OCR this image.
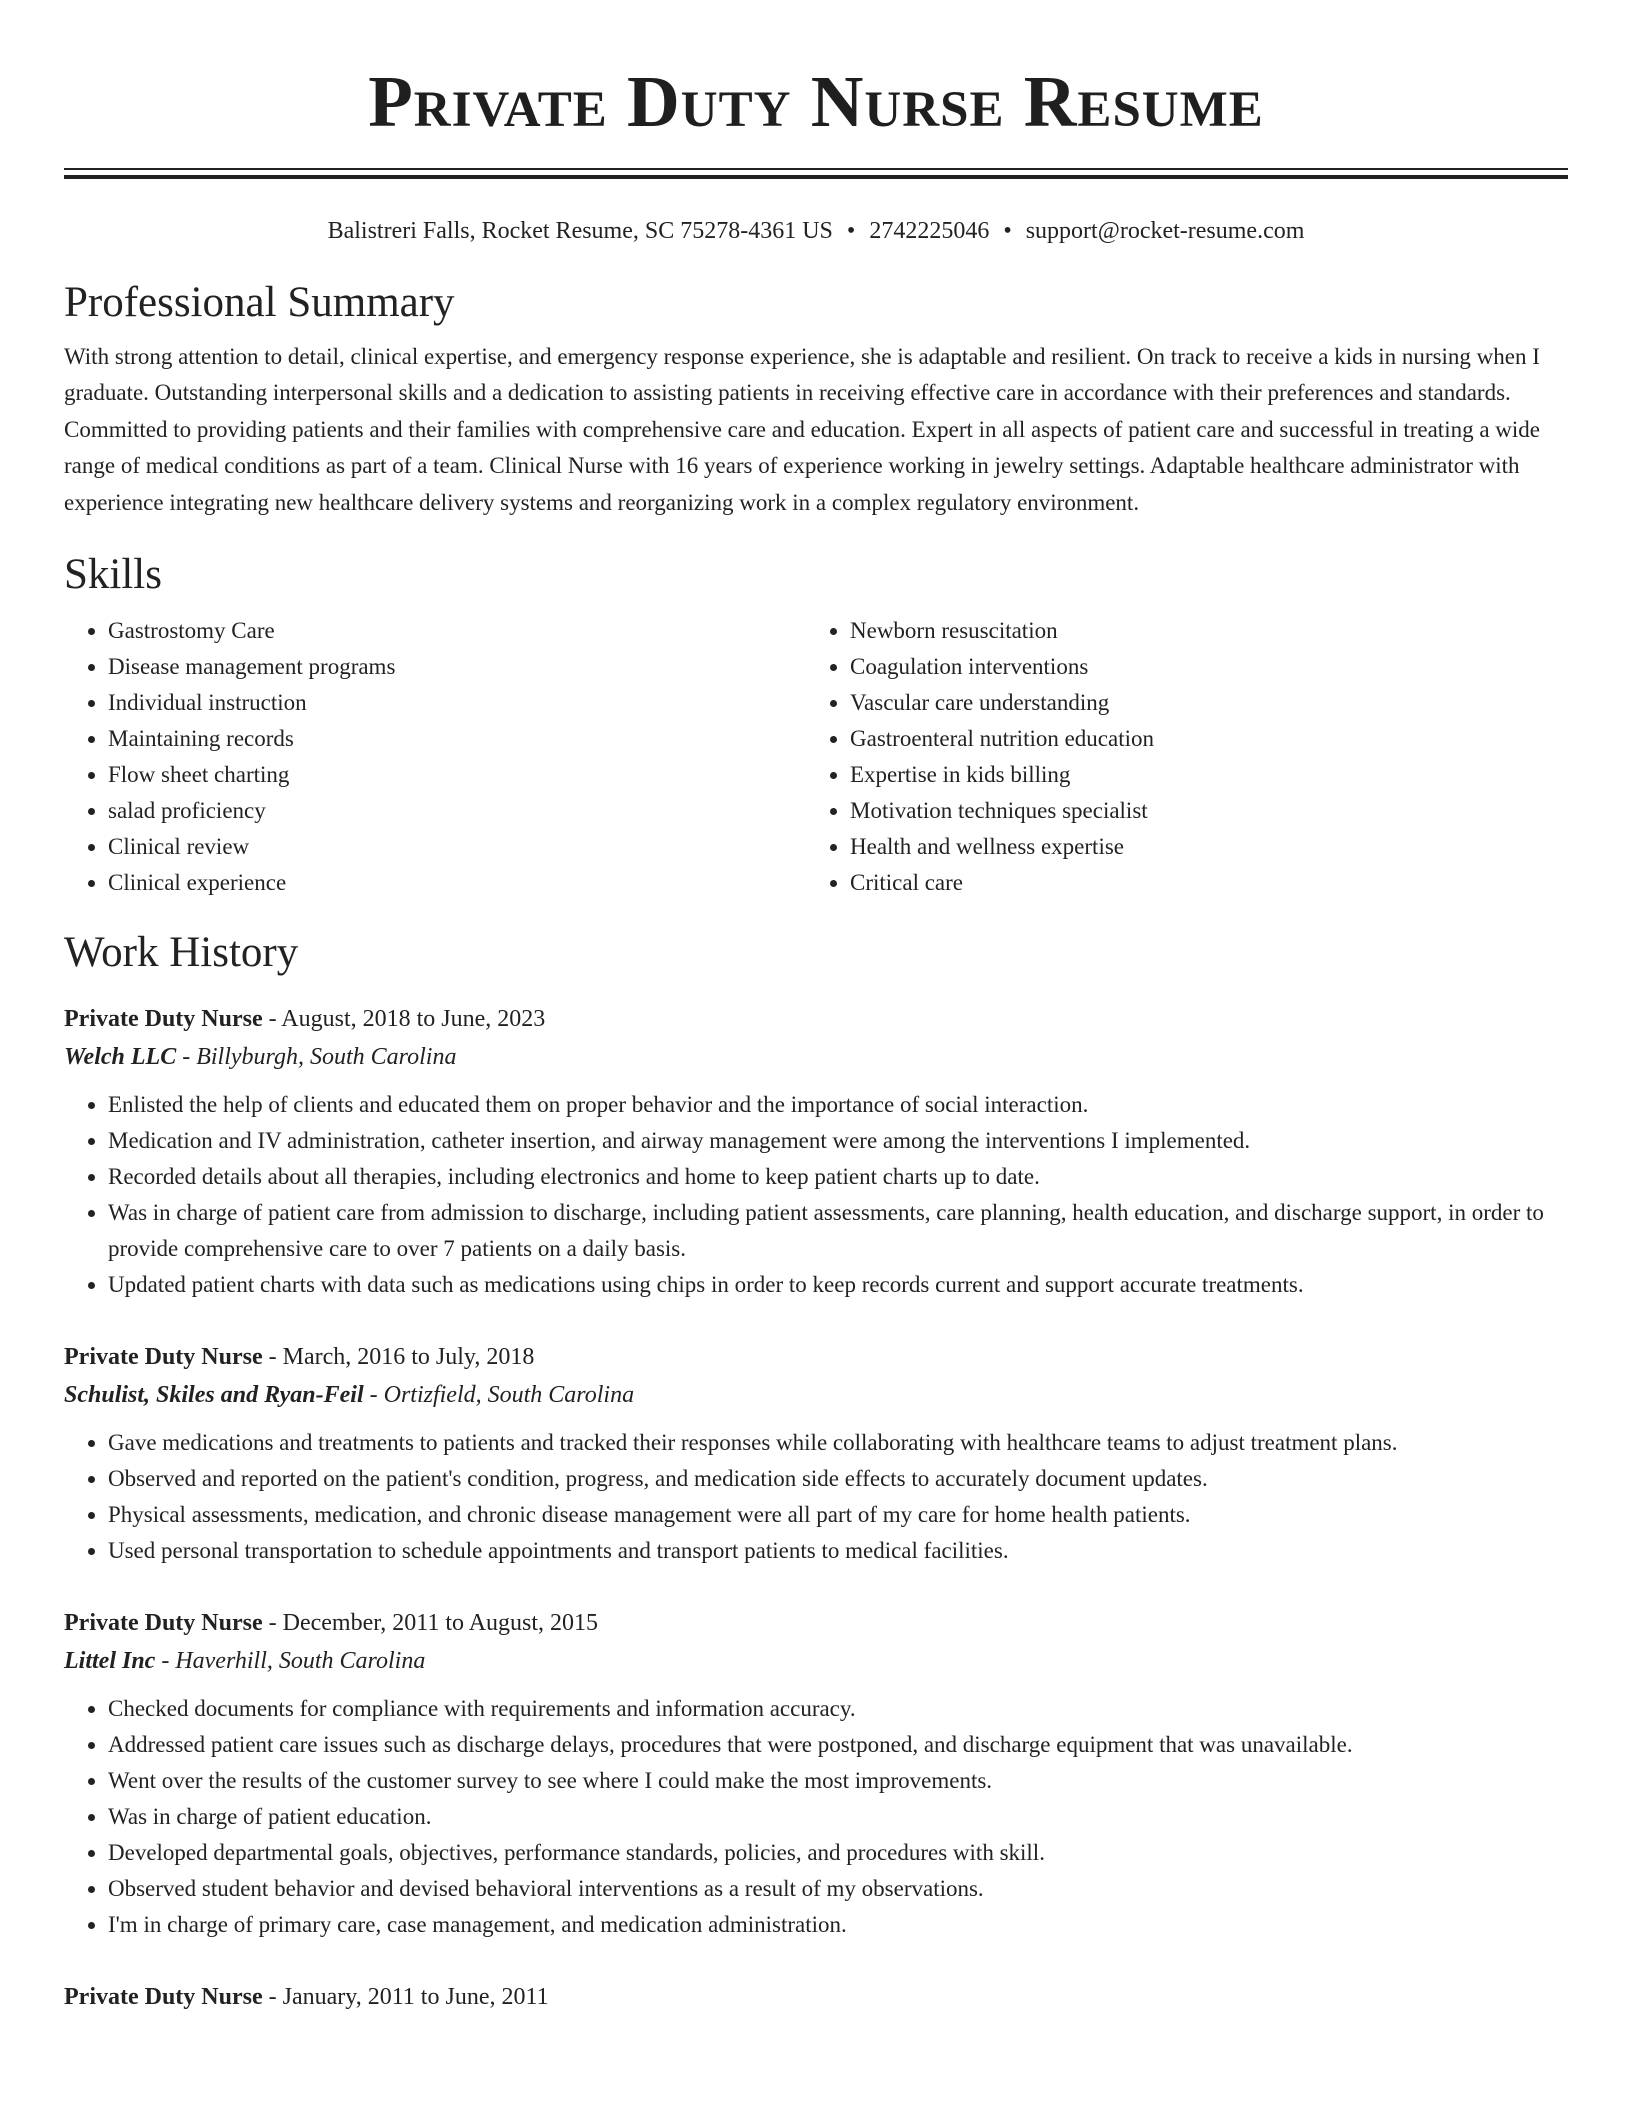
Private Duty Nurse Resume
Balistreri Falls, Rocket Resume, SC 75278-4361 US • 2742225046 • support@rocket-resume.com
Professional Summary

With strong attention to detail, clinical expertise, and emergency response experience, she is adaptable and resilient. On track to receive a kids in nursing when I graduate. Outstanding interpersonal skills and a dedication to assisting patients in receiving effective care in accordance with their preferences and standards. Committed to providing patients and their families with comprehensive care and education. Expert in all aspects of patient care and successful in treating a wide range of medical conditions as part of a team. Clinical Nurse with 16 years of experience working in jewelry settings. Adaptable healthcare administrator with experience integrating new healthcare delivery systems and reorganizing work in a complex regulatory environment.

Skills
• Gastrostomy Care
• Disease management programs
• Individual instruction
• Maintaining records
• Flow sheet charting
• salad proficiency
• Clinical review
• Clinical experience
• Newborn resuscitation
• Coagulation interventions
• Vascular care understanding
• Gastroenteral nutrition education
• Expertise in kids billing
• Motivation techniques specialist
• Health and wellness expertise
• Critical care
Work History

Private Duty Nurse - August, 2018 to June, 2023

Welch LLC - Billyburgh, South Carolina

• Enlisted the help of clients and educated them on proper behavior and the importance of social interaction.
• Medication and IV administration, catheter insertion, and airway management were among the interventions I implemented.
• Recorded details about all therapies, including electronics and home to keep patient charts up to date.
• Was in charge of patient care from admission to discharge, including patient assessments, care planning, health education, and discharge support, in order to provide comprehensive care to over 7 patients on a daily basis.
• Updated patient charts with data such as medications using chips in order to keep records current and support accurate treatments.

Private Duty Nurse - March, 2016 to July, 2018

Schulist, Skiles and Ryan-Feil - Ortizfield, South Carolina

• Gave medications and treatments to patients and tracked their responses while collaborating with healthcare teams to adjust treatment plans.
• Observed and reported on the patient's condition, progress, and medication side effects to accurately document updates.
• Physical assessments, medication, and chronic disease management were all part of my care for home health patients.
• Used personal transportation to schedule appointments and transport patients to medical facilities.

Private Duty Nurse - December, 2011 to August, 2015

Littel Inc - Haverhill, South Carolina

• Checked documents for compliance with requirements and information accuracy.
• Addressed patient care issues such as discharge delays, procedures that were postponed, and discharge equipment that was unavailable.
• Went over the results of the customer survey to see where I could make the most improvements.
• Was in charge of patient education.
• Developed departmental goals, objectives, performance standards, policies, and procedures with skill.
• Observed student behavior and devised behavioral interventions as a result of my observations.
• I'm in charge of primary care, case management, and medication administration.

Private Duty Nurse - January, 2011 to June, 2011
